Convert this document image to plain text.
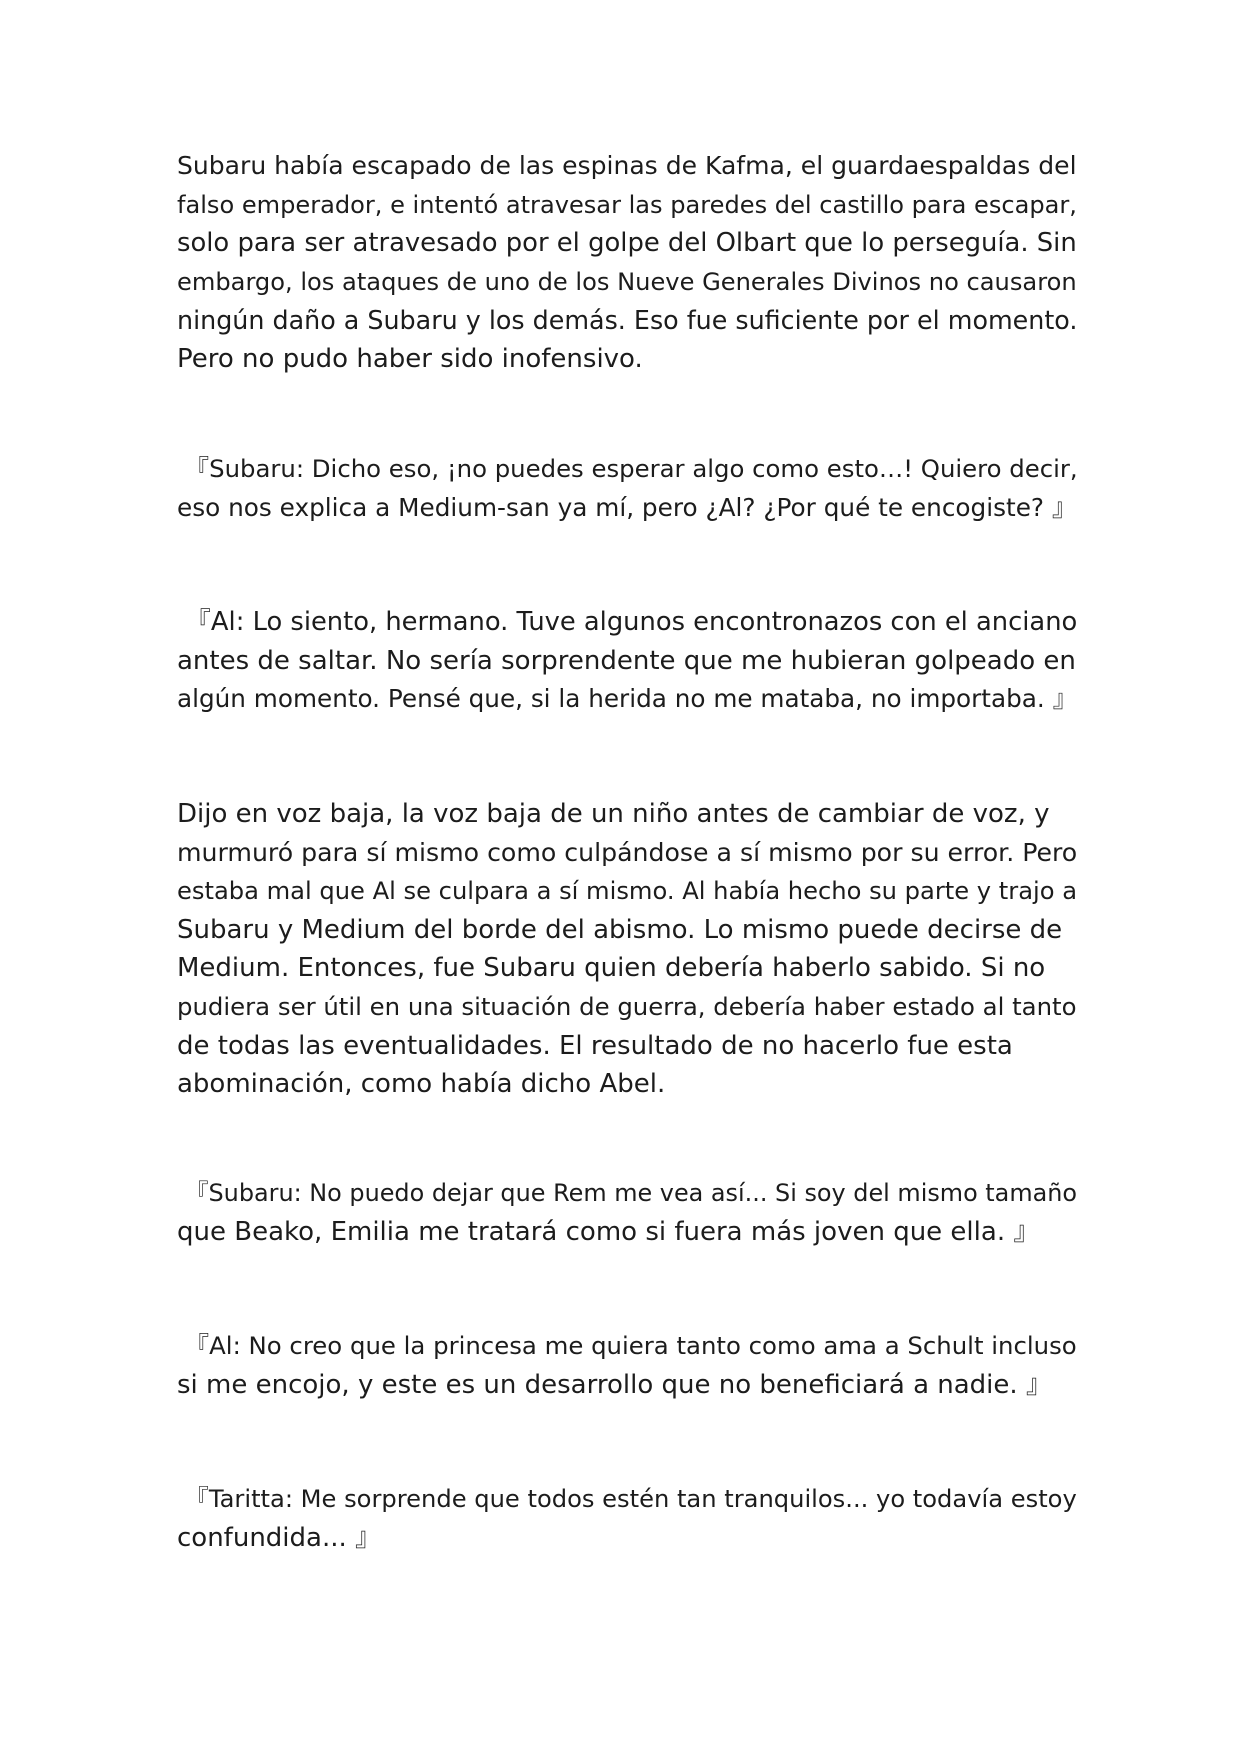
Subaru había escapado de las espinas de Kafma, el guardaespaldas del
falso emperador, e intentó atravesar las paredes del castillo para escapar,
solo para ser atravesado por el golpe del Olbart que lo perseguía. Sin
embargo, los ataques de uno de los Nueve Generales Divinos no causaron
ningún daño a Subaru y los demás. Eso fue suficiente por el momento.
Pero no pudo haber sido inofensivo.
『Subaru: Dicho eso, ¡no puedes esperar algo como esto…! Quiero decir,
eso nos explica a Medium-san ya mí, pero ¿Al? ¿Por qué te encogiste? 』
『Al: Lo siento, hermano. Tuve algunos encontronazos con el anciano
antes de saltar. No sería sorprendente que me hubieran golpeado en
algún momento. Pensé que, si la herida no me mataba, no importaba. 』
Dijo en voz baja, la voz baja de un niño antes de cambiar de voz, y
murmuró para sí mismo como culpándose a sí mismo por su error. Pero
estaba mal que Al se culpara a sí mismo. Al había hecho su parte y trajo a
Subaru y Medium del borde del abismo. Lo mismo puede decirse de
Medium. Entonces, fue Subaru quien debería haberlo sabido. Si no
pudiera ser útil en una situación de guerra, debería haber estado al tanto
de todas las eventualidades. El resultado de no hacerlo fue esta
abominación, como había dicho Abel.
『Subaru: No puedo dejar que Rem me vea así... Si soy del mismo tamaño
que Beako, Emilia me tratará como si fuera más joven que ella. 』
『Al: No creo que la princesa me quiera tanto como ama a Schult incluso
si me encojo, y este es un desarrollo que no beneficiará a nadie. 』
『Taritta: Me sorprende que todos estén tan tranquilos... yo todavía estoy
confundida... 』
